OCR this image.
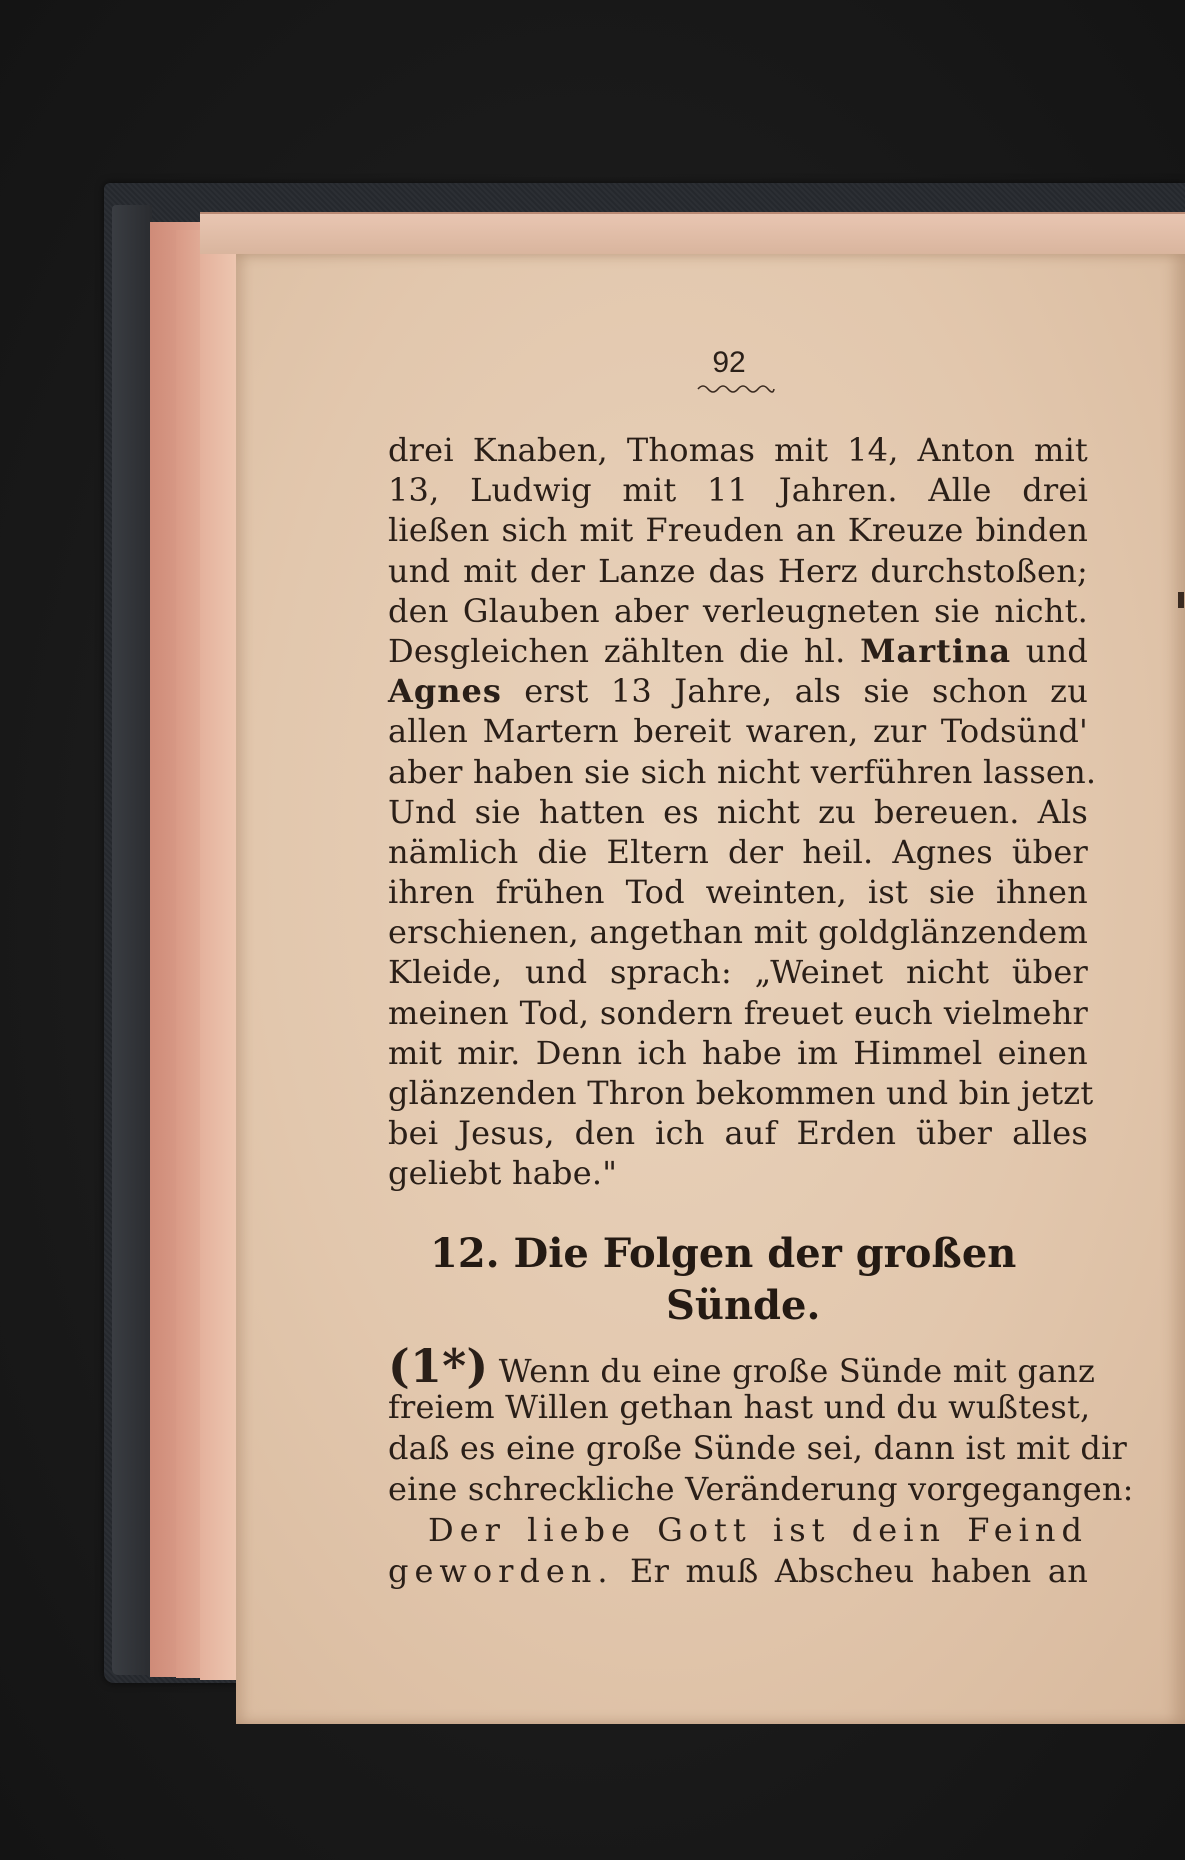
92
drei Knaben, Thomas mit 14, Anton mit
13, Ludwig mit 11 Jahren. Alle drei
ließen sich mit Freuden an Kreuze binden
und mit der Lanze das Herz durchstoßen;
den Glauben aber verleugneten sie nicht.
Desgleichen zählten die hl. Martina und
Agnes erst 13 Jahre, als sie schon zu
allen Martern bereit waren, zur Todsünd'
aber haben sie sich nicht verführen lassen.
Und sie hatten es nicht zu bereuen. Als
nämlich die Eltern der heil. Agnes über
ihren frühen Tod weinten, ist sie ihnen
erschienen, angethan mit goldglänzendem
Kleide, und sprach: „Weinet nicht über
meinen Tod, sondern freuet euch vielmehr
mit mir. Denn ich habe im Himmel einen
glänzenden Thron bekommen und bin jetzt
bei Jesus, den ich auf Erden über alles
geliebt habe."
12. Die Folgen der großen
Sünde.
(1*) Wenn du eine große Sünde mit ganz
freiem Willen gethan hast und du wußtest,
daß es eine große Sünde sei, dann ist mit dir
eine schreckliche Veränderung vorgegangen:
Der liebe Gott ist dein Feind
geworden. Er muß Abscheu haben an
